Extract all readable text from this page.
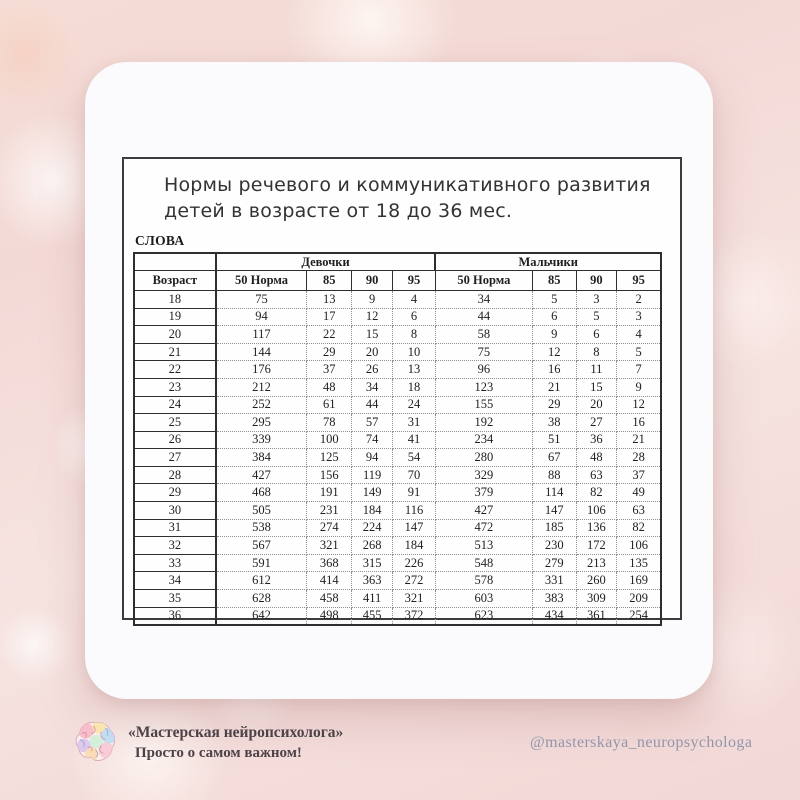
Нормы речевого и коммуникативного развития
детей в возрасте от 18 до 36 мес.
СЛОВА
	Девочки				Мальчики			
Возраст	50 Норма	85	90	95	50 Норма	85	90	95
18	75	13	9	4	34	5	3	2
19	94	17	12	6	44	6	5	3
20	117	22	15	8	58	9	6	4
21	144	29	20	10	75	12	8	5
22	176	37	26	13	96	16	11	7
23	212	48	34	18	123	21	15	9
24	252	61	44	24	155	29	20	12
25	295	78	57	31	192	38	27	16
26	339	100	74	41	234	51	36	21
27	384	125	94	54	280	67	48	28
28	427	156	119	70	329	88	63	37
29	468	191	149	91	379	114	82	49
30	505	231	184	116	427	147	106	63
31	538	274	224	147	472	185	136	82
32	567	321	268	184	513	230	172	106
33	591	368	315	226	548	279	213	135
34	612	414	363	272	578	331	260	169
35	628	458	411	321	603	383	309	209
36	642	498	455	372	623	434	361	254
«Мастерская нейропсихолога»
Просто о самом важном!
@masterskaya_neuropsychologa
